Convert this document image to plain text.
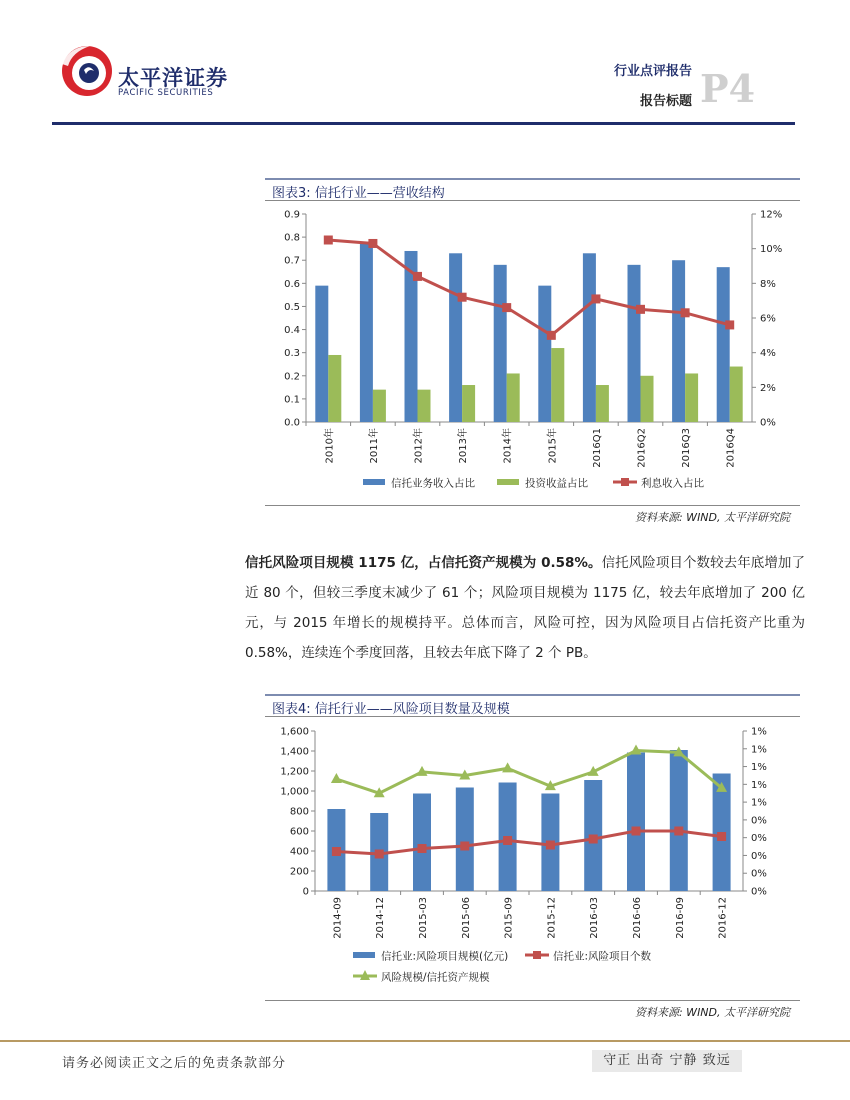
太平洋证券
PACIFIC SECURITIES
行业点评报告
报告标题 P4
图表3: 信托行业——营收结构
0.0
0.1
0.2
0.3
0.4
0.5
0.6
0.7
0.8
0.9
0%
2%
4%
6%
8%
10%
12%
2010年	2011年	2012年	2013年	2014年	2015年	2016Q1	2016Q2	2016Q3	2016Q4
信托业务收入占比	投资收益占比	利息收入占比
资料来源: WIND, 太平洋研究院
信托风险项目规模 1175 亿，占信托资产规模为 0.58%。信托风险项目个数较去年底增加了近 80 个，但较三季度末减少了 61 个；风险项目规模为 1175 亿，较去年底增加了 200 亿元，与 2015 年增长的规模持平。总体而言，风险可控，因为风险项目占信托资产比重为 0.58%，连续连个季度回落，且较去年底下降了 2 个 PB。
图表4: 信托行业——风险项目数量及规模
0
200
400
600
800
1,000
1,200
1,400
1,600
0%
0%
0%
0%
0%
1%
1%
1%
1%
1%
2014-09	2014-12	2015-03	2015-06	2015-09	2015-12	2016-03	2016-06	2016-09	2016-12
信托业:风险项目规模(亿元)	信托业:风险项目个数
风险规模/信托资产规模
资料来源: WIND, 太平洋研究院
请务必阅读正文之后的免责条款部分	守正 出奇 宁静 致远
